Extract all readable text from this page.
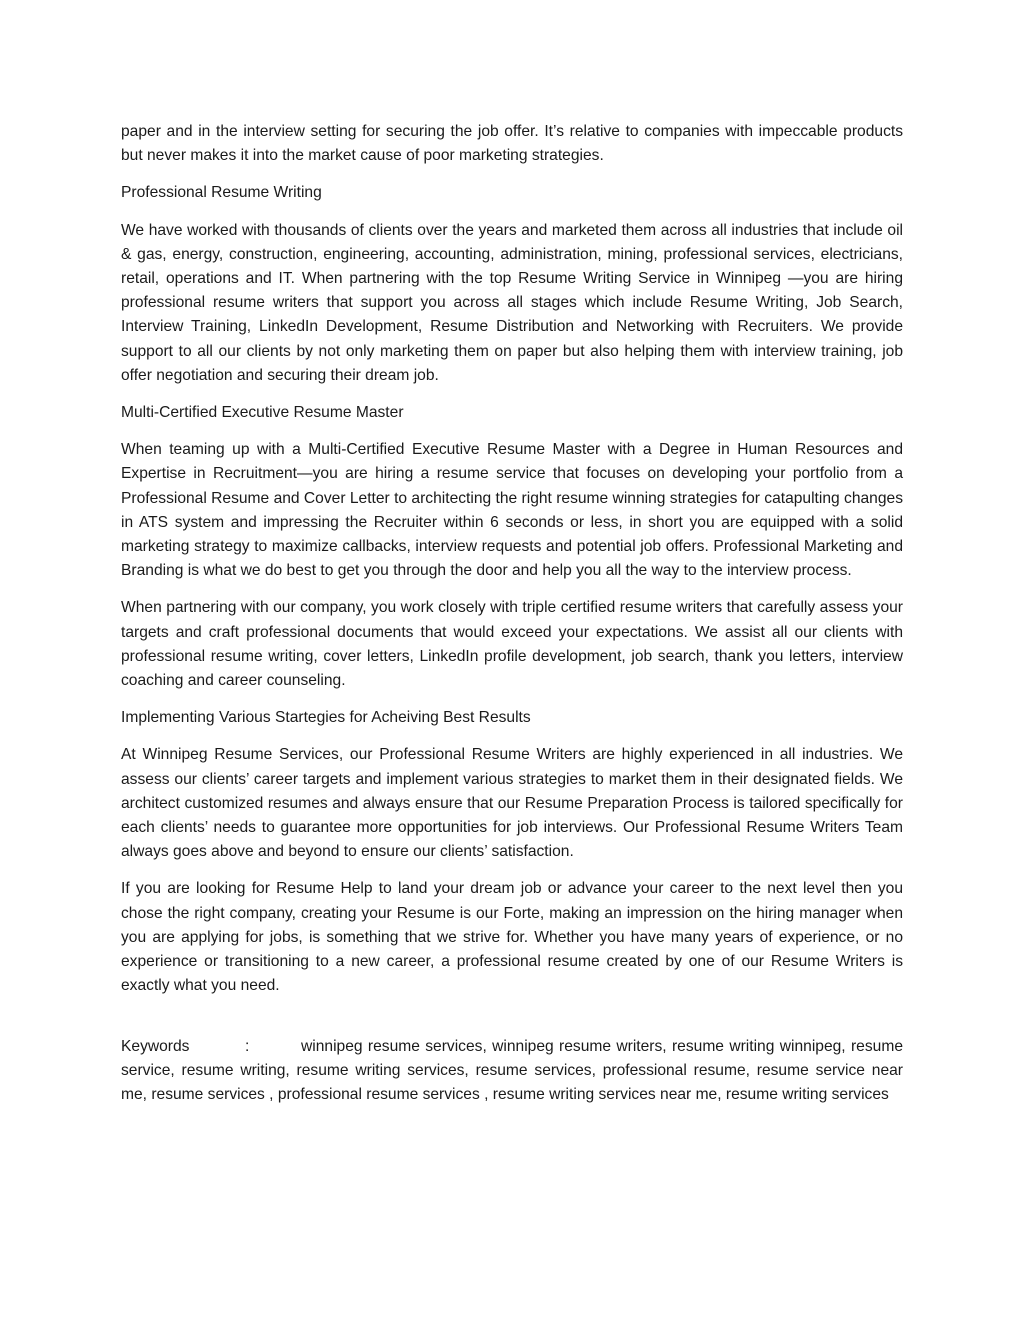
paper and in the interview setting for securing the job offer. It’s relative to companies with impeccable products but never makes it into the market cause of poor marketing strategies.

Professional Resume Writing

We have worked with thousands of clients over the years and marketed them across all industries that include oil & gas, energy, construction, engineering, accounting, administration, mining, professional services, electricians, retail, operations and IT. When partnering with the top Resume Writing Service in Winnipeg —you are hiring professional resume writers that support you across all stages which include Resume Writing, Job Search, Interview Training, LinkedIn Development, Resume Distribution and Networking with Recruiters. We provide support to all our clients by not only marketing them on paper but also helping them with interview training, job offer negotiation and securing their dream job.

Multi-Certified Executive Resume Master

When teaming up with a Multi-Certified Executive Resume Master with a Degree in Human Resources and Expertise in Recruitment—you are hiring a resume service that focuses on developing your portfolio from a Professional Resume and Cover Letter to architecting the right resume winning strategies for catapulting changes in ATS system and impressing the Recruiter within 6 seconds or less, in short you are equipped with a solid marketing strategy to maximize callbacks, interview requests and potential job offers. Professional Marketing and Branding is what we do best to get you through the door and help you all the way to the interview process.

When partnering with our company, you work closely with triple certified resume writers that carefully assess your targets and craft professional documents that would exceed your expectations. We assist all our clients with professional resume writing, cover letters, LinkedIn profile development, job search, thank you letters, interview coaching and career counseling.

Implementing Various Startegies for Acheiving Best Results

At Winnipeg Resume Services, our Professional Resume Writers are highly experienced in all industries. We assess our clients’ career targets and implement various strategies to market them in their designated fields. We architect customized resumes and always ensure that our Resume Preparation Process is tailored specifically for each clients’ needs to guarantee more opportunities for job interviews. Our Professional Resume Writers Team always goes above and beyond to ensure our clients’ satisfaction.

If you are looking for Resume Help to land your dream job or advance your career to the next level then you chose the right company, creating your Resume is our Forte, making an impression on the hiring manager when you are applying for jobs, is something that we strive for. Whether you have many years of experience, or no experience or transitioning to a new career, a professional resume created by one of our Resume Writers is exactly what you need.

Keywords	:	winnipeg resume services, winnipeg resume writers, resume writing winnipeg, resume service, resume writing, resume writing services, resume services, professional resume, resume service near me, resume services , professional resume services , resume writing services near me, resume writing services
